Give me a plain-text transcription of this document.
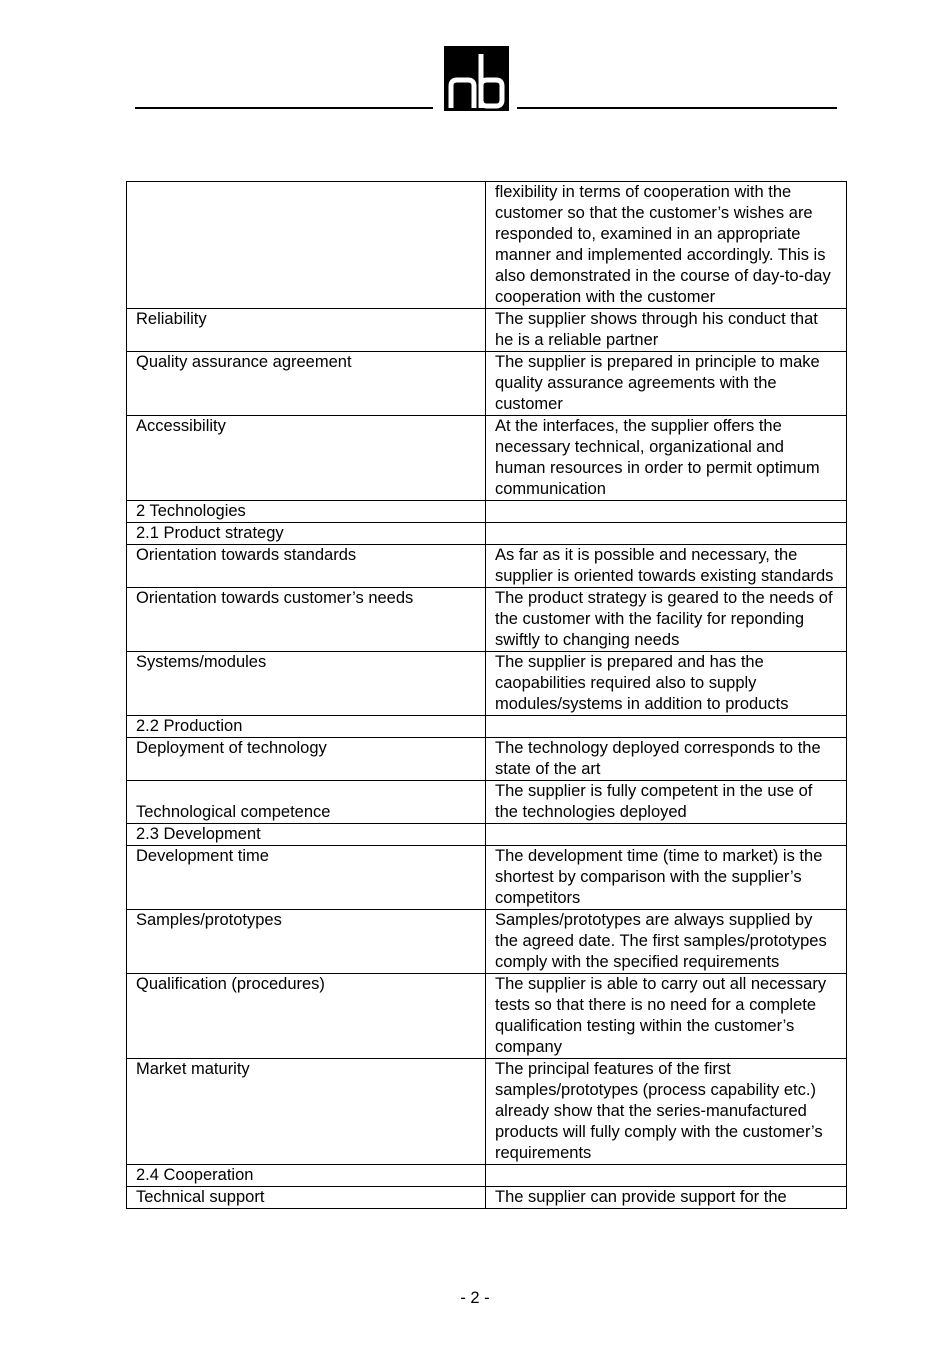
	flexibility in terms of cooperation with the customer so that the customer’s wishes are responded to, examined in an appropriate manner and implemented accordingly. This is also demonstrated in the course of day-to-day cooperation with the customer
Reliability	The supplier shows through his conduct that he is a reliable partner
Quality assurance agreement	The supplier is prepared in principle to make quality assurance agreements with the customer
Accessibility	At the interfaces, the supplier offers the necessary technical, organizational and human resources in order to permit optimum communication
2 Technologies	
2.1 Product strategy	
Orientation towards standards	As far as it is possible and necessary, the supplier is oriented towards existing standards
Orientation towards customer’s needs	The product strategy is geared to the needs of the customer with the facility for reponding swiftly to changing needs
Systems/modules	The supplier is prepared and has the caopabilities required also to supply modules/systems in addition to products
2.2 Production	
Deployment of technology	The technology deployed corresponds to the state of the art
Technological competence	The supplier is fully competent in the use of the technologies deployed
2.3 Development	
Development time	The development time (time to market) is the shortest by comparison with the supplier’s competitors
Samples/prototypes	Samples/prototypes are always supplied by the agreed date. The first samples/prototypes comply with the specified requirements
Qualification (procedures)	The supplier is able to carry out all necessary tests so that there is no need for a complete qualification testing within the customer’s company
Market maturity	The principal features of the first samples/prototypes (process capability etc.) already show that the series-manufactured products will fully comply with the customer’s requirements
2.4 Cooperation	
Technical support	The supplier can provide support for the
- 2 -
